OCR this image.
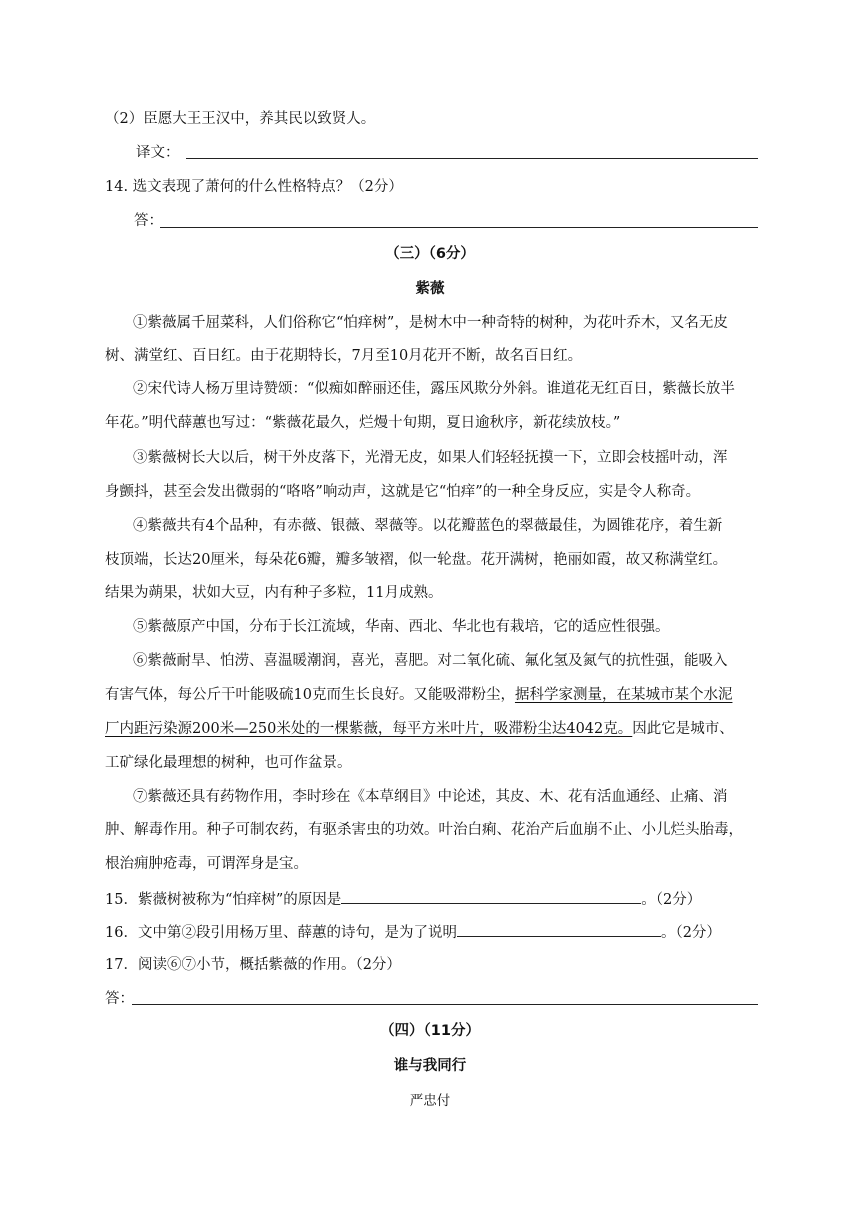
（2）臣愿大王王汉中，养其民以致贤人。
译文：
14. 选文表现了萧何的什么性格特点？（2分）
答：
（三）（6分）
紫薇
①紫薇属千屈菜科，人们俗称它“怕痒树”，是树木中一种奇特的树种，为花叶乔木，又名无皮
树、满堂红、百日红。由于花期特长，7月至10月花开不断，故名百日红。
②宋代诗人杨万里诗赞颂：“似痴如醉丽还佳，露压风欺分外斜。谁道花无红百日，紫薇长放半
年花。”明代薛蕙也写过：“紫薇花最久，烂熳十旬期，夏日逾秋序，新花续放枝。”
③紫薇树长大以后，树干外皮落下，光滑无皮，如果人们轻轻抚摸一下，立即会枝摇叶动，浑
身颤抖，甚至会发出微弱的“咯咯”响动声，这就是它“怕痒”的一种全身反应，实是令人称奇。
④紫薇共有4个品种，有赤薇、银薇、翠薇等。以花瓣蓝色的翠薇最佳，为圆锥花序，着生新
枝顶端，长达20厘米，每朵花6瓣，瓣多皱褶，似一轮盘。花开满树，艳丽如霞，故又称满堂红。
结果为蒴果，状如大豆，内有种子多粒，11月成熟。
⑤紫薇原产中国，分布于长江流域，华南、西北、华北也有栽培，它的适应性很强。
⑥紫薇耐旱、怕涝、喜温暖潮润，喜光，喜肥。对二氧化硫、氟化氢及氮气的抗性强，能吸入
有害气体，每公斤干叶能吸硫10克而生长良好。又能吸滞粉尘，据科学家测量，在某城市某个水泥
厂内距污染源200米—250米处的一棵紫薇，每平方米叶片，吸滞粉尘达4042克。因此它是城市、
工矿绿化最理想的树种，也可作盆景。
⑦紫薇还具有药物作用，李时珍在《本草纲目》中论述，其皮、木、花有活血通经、止痛、消
肿、解毒作用。种子可制农药，有驱杀害虫的功效。叶治白痢、花治产后血崩不止、小儿烂头胎毒，
根治痈肿疮毒，可谓浑身是宝。
15．紫薇树被称为“怕痒树”的原因是	。（2分）
16．文中第②段引用杨万里、薛蕙的诗句，是为了说明	。（2分）
17．阅读⑥⑦小节，概括紫薇的作用。（2分）
答：
（四）（11分）
谁与我同行
严忠付
